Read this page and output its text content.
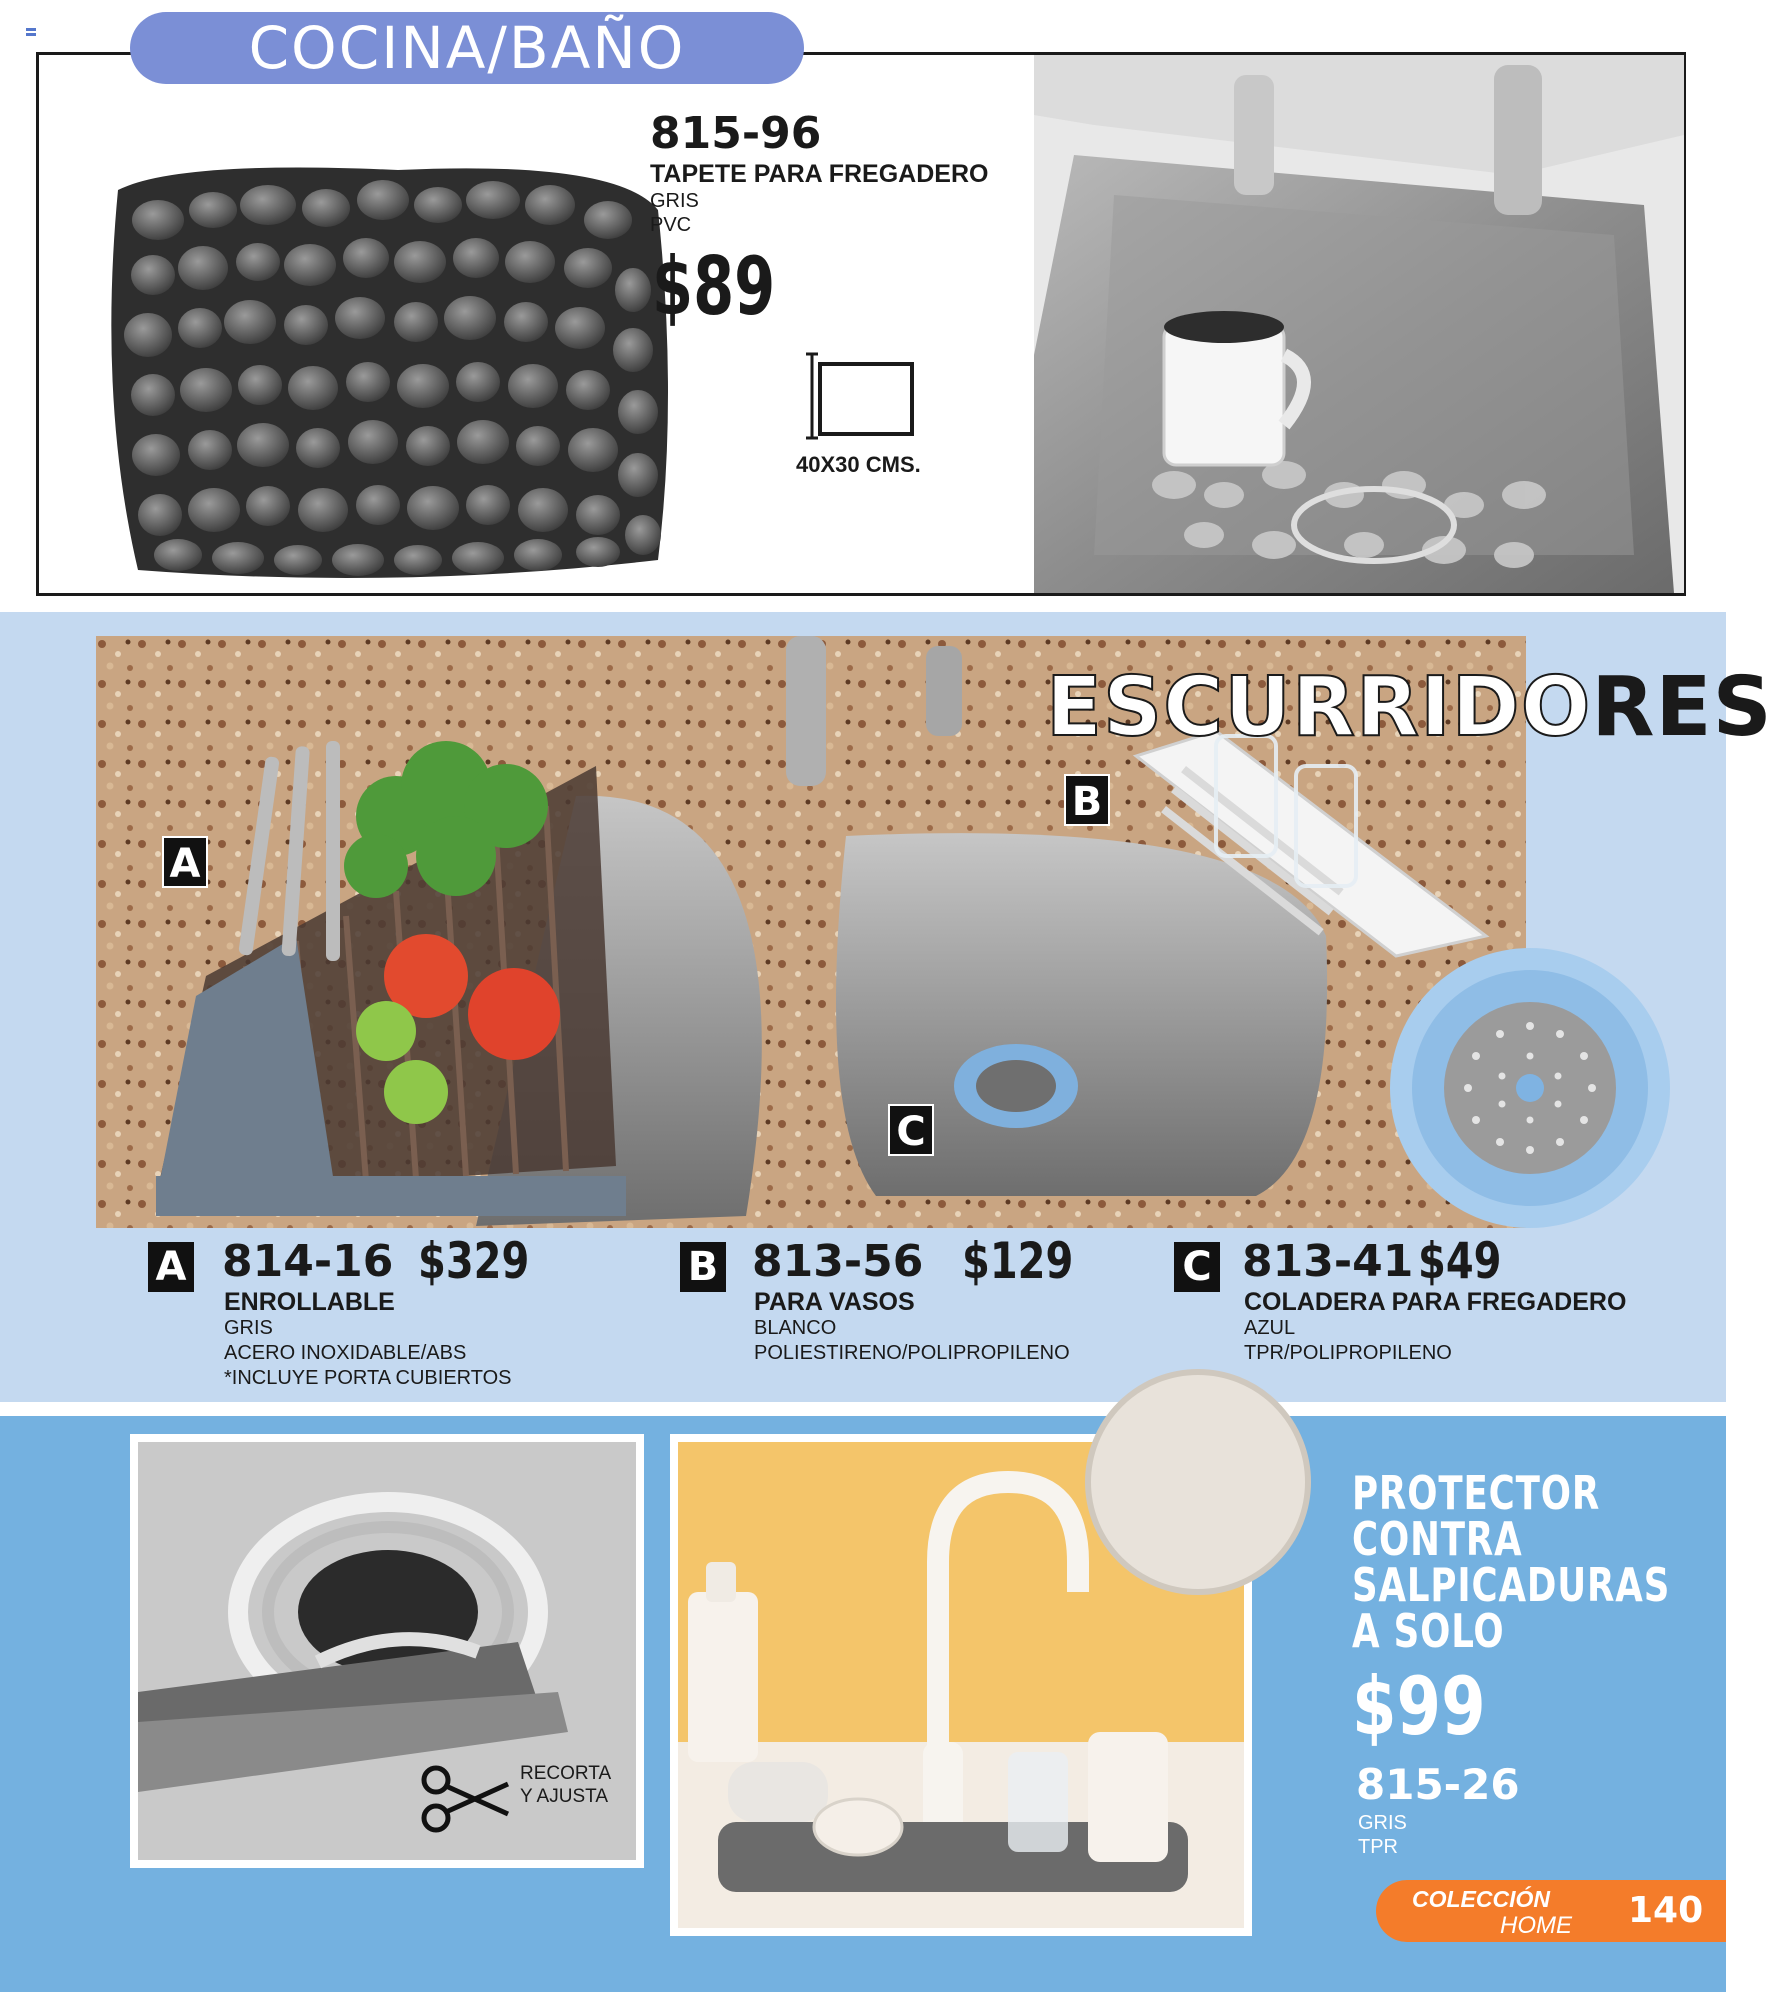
COCINA/BAÑO
815-96
TAPETE PARA FREGADERO
GRIS
PVC
$89
40X30 CMS.
ESCURRIDORES
A
B
C
A 814-16 $329
ENROLLABLE
GRIS
ACERO INOXIDABLE/ABS
*INCLUYE PORTA CUBIERTOS
B 813-56 $129
PARA VASOS
BLANCO
POLIESTIRENO/POLIPROPILENO
C 813-41 $49
COLADERA PARA FREGADERO
AZUL
TPR/POLIPROPILENO
RECORTA
Y AJUSTA
PROTECTOR
CONTRA
SALPICADURAS
A SOLO
$99
815-26
GRIS
TPR
COLECCIÓN
HOME 140
